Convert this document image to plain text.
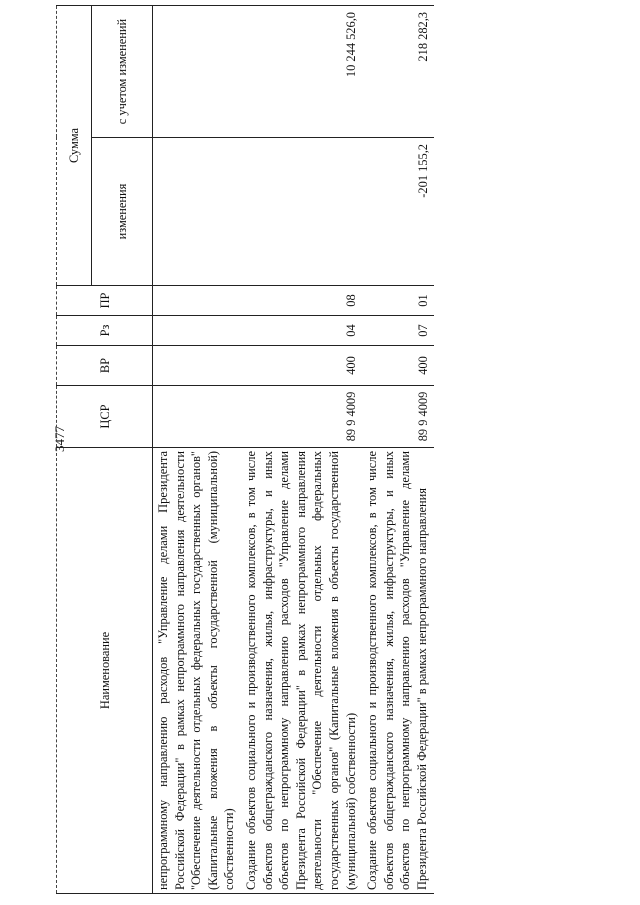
3477
Наименование	ЦСР	ВР	Рз	ПР	Сумма	
					изменения	с учетом изменений
непрограммному направлению расходов "Управление делами Президента Российской Федерации" в рамках непрограммного направления деятельности "Обеспечение деятельности отдельных федеральных государственных органов" (Капитальные вложения в объекты государственной (муниципальной) собственности)						
Создание объектов социального и производственного комплексов, в том числе объектов общегражданского назначения, жилья, инфраструктуры, и иных объектов по непрограммному направлению расходов "Управление делами Президента Российской Федерации" в рамках непрограммного направления деятельности "Обеспечение деятельности отдельных федеральных государственных органов" (Капитальные вложения в объекты государственной (муниципальной) собственности)	89 9 4009	400	04	08		10 244 526,0
Создание объектов социального и производственного комплексов, в том числе объектов общегражданского назначения, жилья, инфраструктуры, и иных объектов по непрограммному направлению расходов "Управление делами Президента Российской Федерации" в рамках непрограммного направления	89 9 4009	400	07	01	-201 155,2	218 282,3
